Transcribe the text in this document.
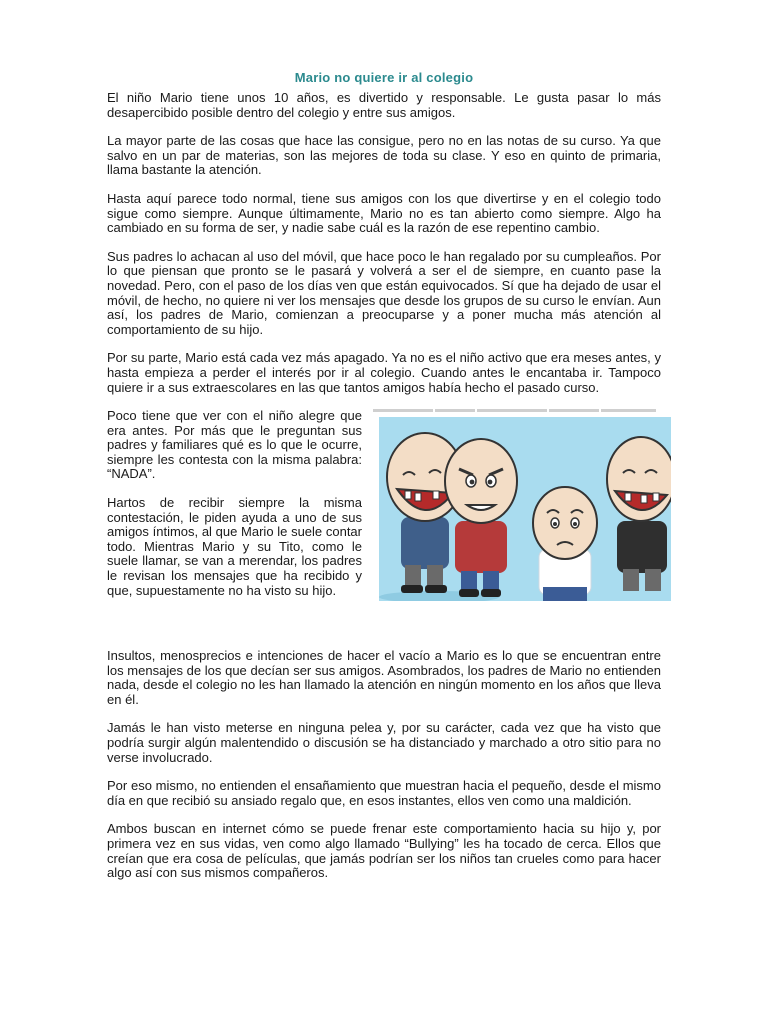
Mario no quiere ir al colegio

El niño Mario tiene unos 10 años, es divertido y responsable. Le gusta pasar lo más desapercibido posible dentro del colegio y entre sus amigos.

La mayor parte de las cosas que hace las consigue, pero no en las notas de su curso. Ya que salvo en un par de materias, son las mejores de toda su clase. Y eso en quinto de primaria, llama bastante la atención.

Hasta aquí parece todo normal, tiene sus amigos con los que divertirse y en el colegio todo sigue como siempre. Aunque últimamente, Mario no es tan abierto como siempre. Algo ha cambiado en su forma de ser, y nadie sabe cuál es la razón de ese repentino cambio.

Sus padres lo achacan al uso del móvil, que hace poco le han regalado por su cumpleaños. Por lo que piensan que pronto se le pasará y volverá a ser el de siempre, en cuanto pase la novedad. Pero, con el paso de los días ven que están equivocados. Sí que ha dejado de usar el móvil, de hecho, no quiere ni ver los mensajes que desde los grupos de su curso le envían. Aun así, los padres de Mario, comienzan a preocuparse y a poner mucha más atención al comportamiento de su hijo.

Por su parte, Mario está cada vez más apagado. Ya no es el niño activo que era meses antes, y hasta empieza a perder el interés por ir al colegio. Cuando antes le encantaba ir. Tampoco quiere ir a sus extraescolares en las que tantos amigos había hecho el pasado curso.

Poco tiene que ver con el niño alegre que era antes. Por más que le preguntan sus padres y familiares qué es lo que le ocurre, siempre les contesta con la misma palabra: “NADA”.

Hartos de recibir siempre la misma contestación, le piden ayuda a uno de sus amigos íntimos, al que Mario le suele contar todo. Mientras Mario y su Tito, como le suele llamar, se van a merendar, los padres le revisan los mensajes que ha recibido y que, supuestamente no ha visto su hijo.

Insultos, menosprecios e intenciones de hacer el vacío a Mario es lo que se encuentran entre los mensajes de los que decían ser sus amigos. Asombrados, los padres de Mario no entienden nada, desde el colegio no les han llamado la atención en ningún momento en los años que lleva en él.

Jamás le han visto meterse en ninguna pelea y, por su carácter, cada vez que ha visto que podría surgir algún malentendido o discusión se ha distanciado y marchado a otro sitio para no verse involucrado.

Por eso mismo, no entienden el ensañamiento que muestran hacia el pequeño, desde el mismo día en que recibió su ansiado regalo que, en esos instantes, ellos ven como una maldición.

Ambos buscan en internet cómo se puede frenar este comportamiento hacia su hijo y, por primera vez en sus vidas, ven como algo llamado “Bullying” les ha tocado de cerca. Ellos que creían que era cosa de películas, que jamás podrían ser los niños tan crueles como para hacer algo así con sus mismos compañeros.
